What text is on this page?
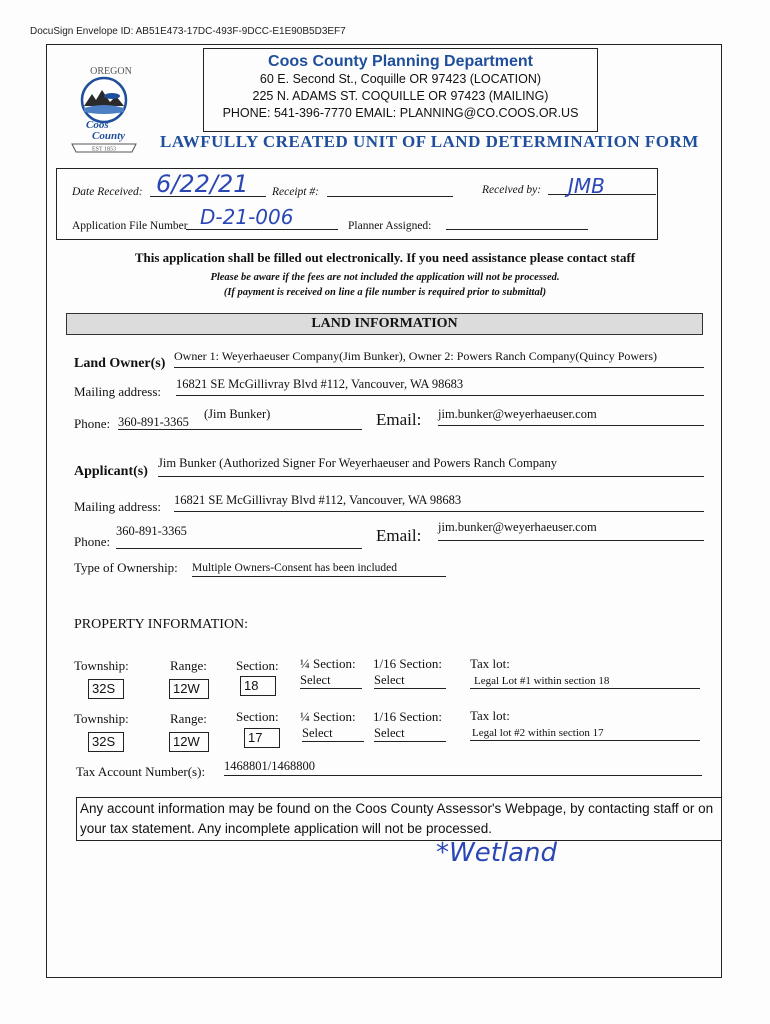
DocuSign Envelope ID: AB51E473-17DC-493F-9DCC-E1E90B5D3EF7
OREGON
Coos
County
EST 1853
Coos County Planning Department
60 E. Second St., Coquille OR 97423 (LOCATION)
225 N. ADAMS ST. COQUILLE OR 97423 (MAILING)
PHONE: 541-396-7770 EMAIL: PLANNING@CO.COOS.OR.US
LAWFULLY CREATED UNIT OF LAND DETERMINATION FORM
Date Received: 6/22/21 Receipt #:	Received by: JMB
Application File Number D-21-006	Planner Assigned:
This application shall be filled out electronically. If you need assistance please contact staff
Please be aware if the fees are not included the application will not be processed.
(If payment is received on line a file number is required prior to submittal)
LAND INFORMATION
Land Owner(s) Owner 1: Weyerhaeuser Company(Jim Bunker), Owner 2: Powers Ranch Company(Quincy Powers)
Mailing address: 16821 SE McGillivray Blvd #112, Vancouver, WA 98683
Phone: 360-891-3365
(Jim Bunker)	Email: jim.bunker@weyerhaeuser.com
Applicant(s)
Jim Bunker (Authorized Signer For Weyerhaeuser and Powers Ranch Company
Mailing address: 16821 SE McGillivray Blvd #112, Vancouver, WA 98683
Phone:
360-891-3365	Email: jim.bunker@weyerhaeuser.com
Type of Ownership: Multiple Owners-Consent has been included
PROPERTY INFORMATION:
Township:	Range: Section: ¼ Section: 1/16 Section: Tax lot:
32S	12W	18	Select	Select	Legal Lot #1 within section 18
Township:	Range: Section: ¼ Section: 1/16 Section: Tax lot:
32S	12W	17	Select	Select	Legal lot #2 within section 17
Tax Account Number(s): 1468801/1468800
Any account information may be found on the Coos County Assessor's Webpage, by contacting staff or on your tax statement. Any incomplete application will not be processed.
*Wetland
